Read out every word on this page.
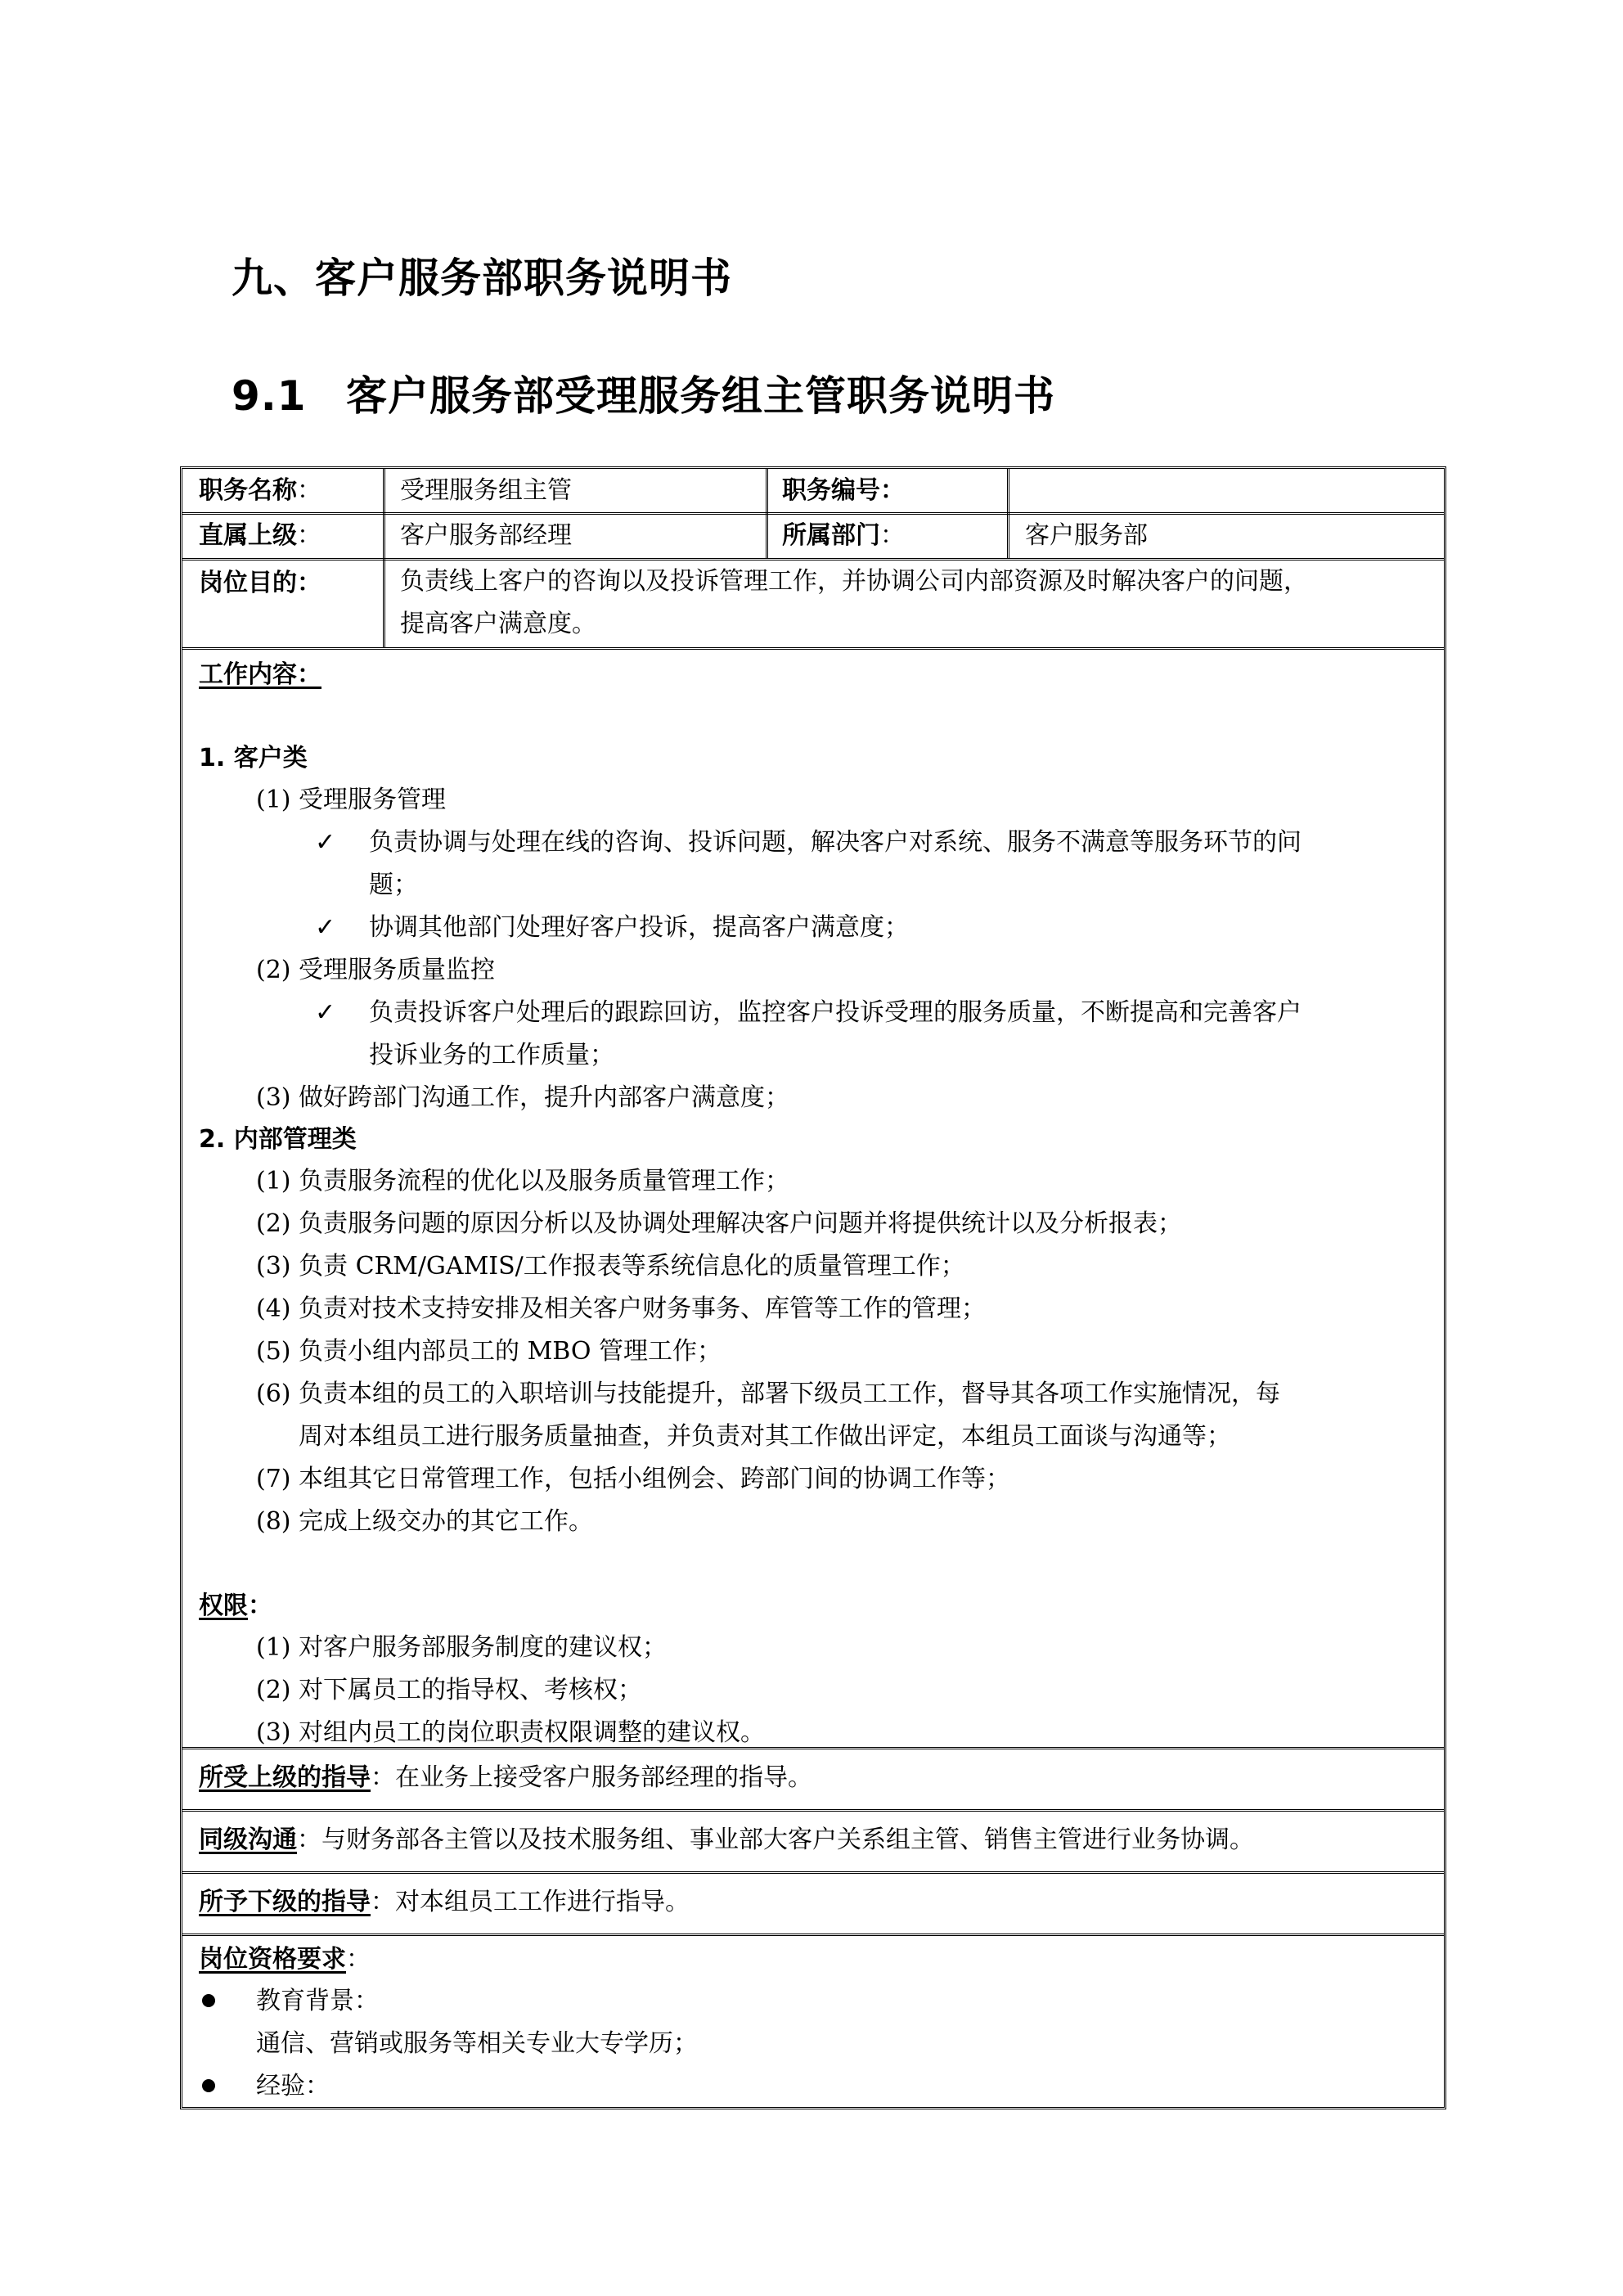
九、客户服务部职务说明书
9.1 客户服务部受理服务组主管职务说明书
职务名称：	受理服务组主管	职务编号：
直属上级：	客户服务部经理	所属部门：	客户服务部
岗位目的：	负责线上客户的咨询以及投诉管理工作，并协调公司内部资源及时解决客户的问题，
提高客户满意度。
工作内容：
1. 客户类
(1) 受理服务管理
✓ 负责协调与处理在线的咨询、投诉问题，解决客户对系统、服务不满意等服务环节的问
题；
✓ 协调其他部门处理好客户投诉，提高客户满意度；
(2) 受理服务质量监控
✓ 负责投诉客户处理后的跟踪回访，监控客户投诉受理的服务质量，不断提高和完善客户
投诉业务的工作质量；
(3) 做好跨部门沟通工作，提升内部客户满意度；
2. 内部管理类
(1) 负责服务流程的优化以及服务质量管理工作；
(2) 负责服务问题的原因分析以及协调处理解决客户问题并将提供统计以及分析报表；
(3) 负责 CRM/GAMIS/工作报表等系统信息化的质量管理工作；
(4) 负责对技术支持安排及相关客户财务事务、库管等工作的管理；
(5) 负责小组内部员工的 MBO 管理工作；
(6) 负责本组的员工的入职培训与技能提升，部署下级员工工作，督导其各项工作实施情况，每
周对本组员工进行服务质量抽查，并负责对其工作做出评定，本组员工面谈与沟通等；
(7) 本组其它日常管理工作，包括小组例会、跨部门间的协调工作等；
(8) 完成上级交办的其它工作。
权限：
(1) 对客户服务部服务制度的建议权；
(2) 对下属员工的指导权、考核权；
(3) 对组内员工的岗位职责权限调整的建议权。
所受上级的指导：在业务上接受客户服务部经理的指导。
同级沟通：与财务部各主管以及技术服务组、事业部大客户关系组主管、销售主管进行业务协调。
所予下级的指导：对本组员工工作进行指导。
岗位资格要求：
教育背景：
通信、营销或服务等相关专业大专学历；
经验：
